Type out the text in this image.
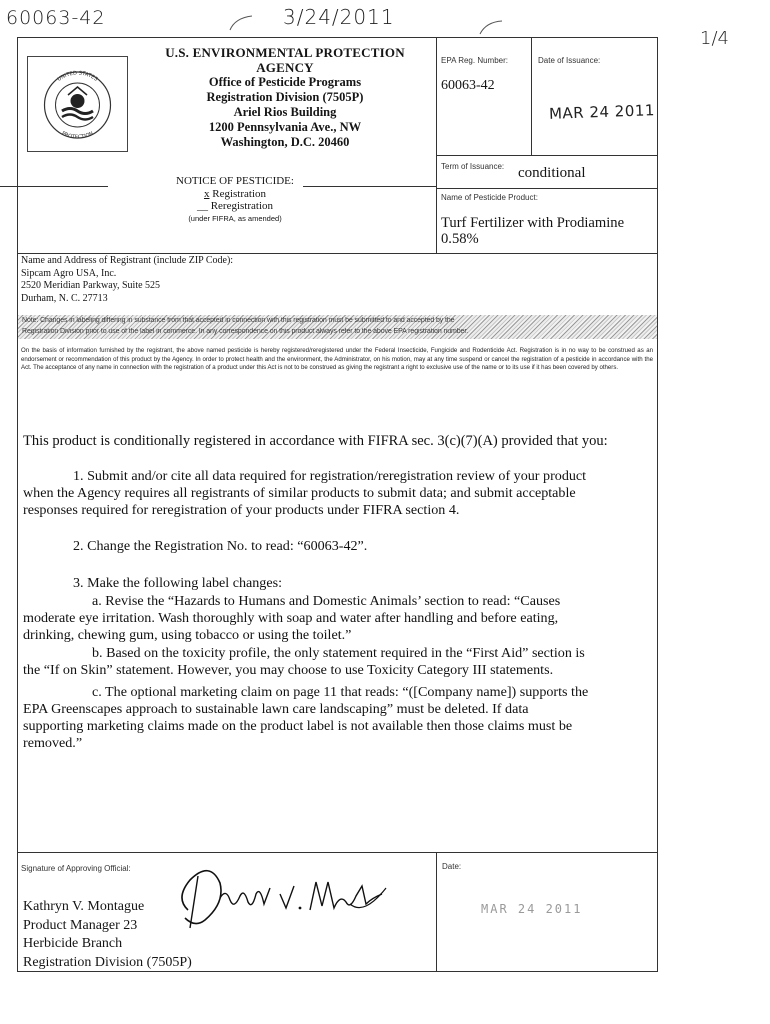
60063-42	3/24/2011
1/4
UNITED STATES
PROTECTION
U.S. ENVIRONMENTAL PROTECTION
AGENCY
Office of Pesticide Programs
Registration Division (7505P)
Ariel Rios Building
1200 Pennsylvania Ave., NW
Washington, D.C. 20460
EPA Reg. Number:
60063-42
Date of Issuance:
MAR 24 2011
Term of Issuance: conditional
Name of Pesticide Product:
Turf Fertilizer with Prodiamine 0.58%
NOTICE OF PESTICIDE:
x Registration
__ Reregistration
(under FIFRA, as amended)
Name and Address of Registrant (include ZIP Code):
Sipcam Agro USA, Inc.
2520 Meridian Parkway, Suite 525
Durham, N. C. 27713
Note: Changes in labeling differing in substance from that accepted in connection with this registration must be submitted to and accepted by the
Registration Division prior to use of the label in commerce. In any correspondence on this product always refer to the above EPA registration number.
On the basis of information furnished by the registrant, the above named pesticide is hereby registered/reregistered under the Federal Insecticide, Fungicide and Rodenticide Act. Registration is in no way to be construed as an endorsement or recommendation of this product by the Agency. In order to protect health and the environment, the Administrator, on his motion, may at any time suspend or cancel the registration of a pesticide in accordance with the Act. The acceptance of any name in connection with the registration of a product under this Act is not to be construed as giving the registrant a right to exclusive use of the name or to its use if it has been covered by others.
This product is conditionally registered in accordance with FIFRA sec. 3(c)(7)(A) provided that you:
1. Submit and/or cite all data required for registration/reregistration review of your product
when the Agency requires all registrants of similar products to submit data; and submit acceptable
responses required for reregistration of your products under FIFRA section 4.
2. Change the Registration No. to read: “60063-42”.
3. Make the following label changes:
a. Revise the “Hazards to Humans and Domestic Animals’ section to read: “Causes
moderate eye irritation. Wash thoroughly with soap and water after handling and before eating,
drinking, chewing gum, using tobacco or using the toilet.”
b. Based on the toxicity profile, the only statement required in the “First Aid” section is
the “If on Skin” statement. However, you may choose to use Toxicity Category III statements.
c. The optional marketing claim on page 11 that reads: “([Company name]) supports the
EPA Greenscapes approach to sustainable lawn care landscaping” must be deleted. If data
supporting marketing claims made on the product label is not available then those claims must be
removed.”
Signature of Approving Official:
Kathryn V. Montague
Product Manager 23
Herbicide Branch
Registration Division (7505P)
Date:
MAR 24 2011
